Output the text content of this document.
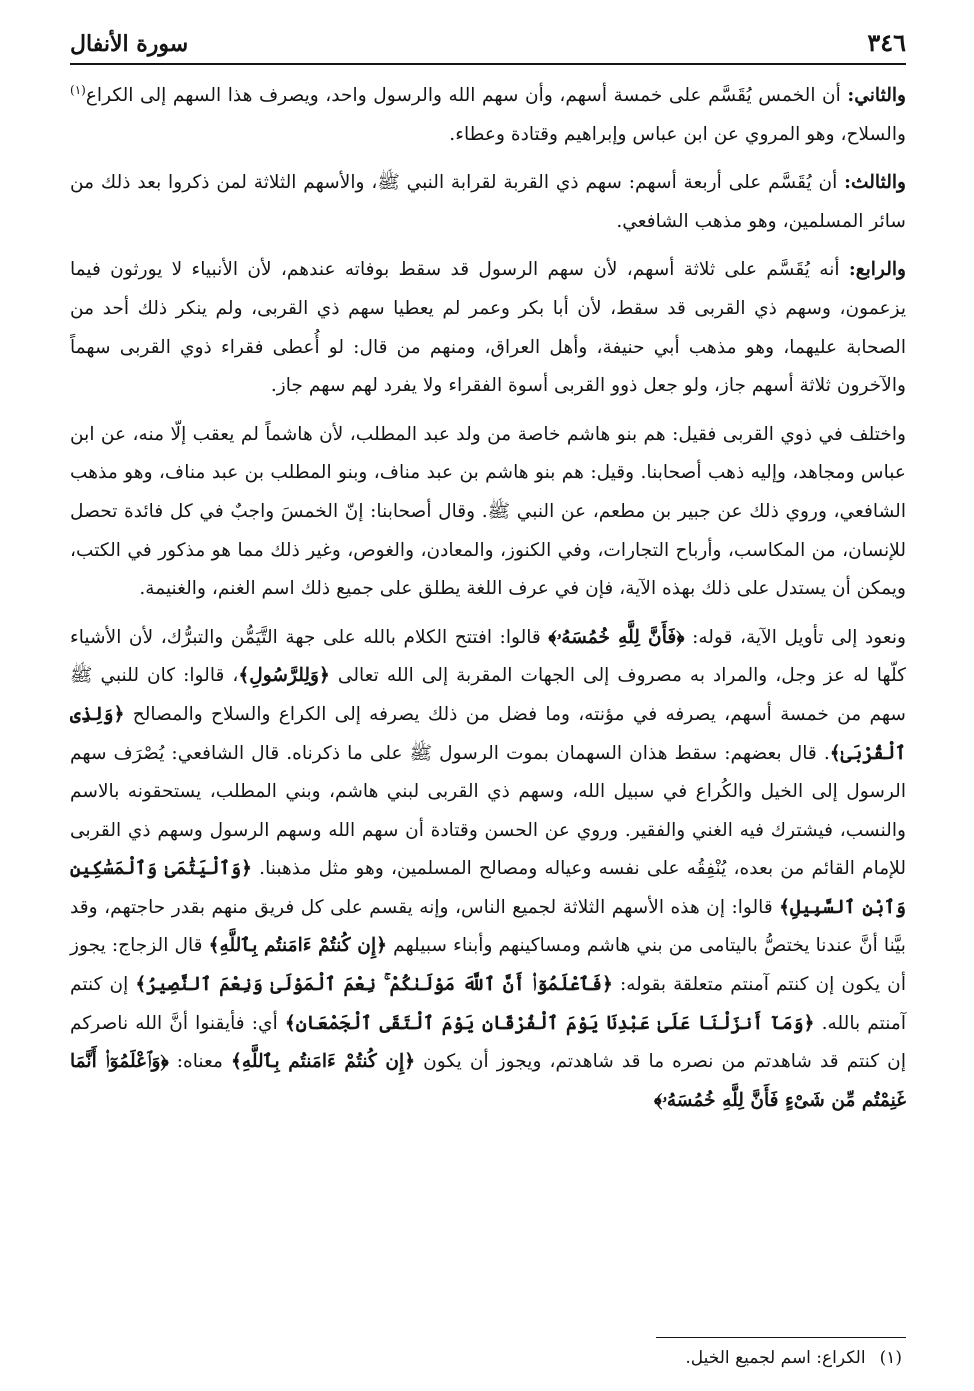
٣٤٦
سورة الأنفال

والثاني: أن الخمس يُقَسَّم على خمسة أسهم، وأن سهم الله والرسول واحد، ويصرف هذا السهم إلى الكراع$^{(١)}$ والسلاح، وهو المروي عن ابن عباس وإبراهيم وقتادة وعطاء.

والثالث: أن يُقَسَّم على أربعة أسهم: سهم ذي القربة لقرابة النبي ﷺ، والأسهم الثلاثة لمن ذكروا بعد ذلك من سائر المسلمين، وهو مذهب الشافعي.

والرابع: أنه يُقَسَّم على ثلاثة أسهم، لأن سهم الرسول قد سقط بوفاته عندهم، لأن الأنبياء لا يورثون فيما يزعمون، وسهم ذي القربى قد سقط، لأن أبا بكر وعمر لم يعطيا سهم ذي القربى، ولم ينكر ذلك أحد من الصحابة عليهما، وهو مذهب أبي حنيفة، وأهل العراق، ومنهم من قال: لو أُعطى فقراء ذوي القربى سهماً والآخرون ثلاثة أسهم جاز، ولو جعل ذوو القربى أسوة الفقراء ولا يفرد لهم سهم جاز.

واختلف في ذوي القربى فقيل: هم بنو هاشم خاصة من ولد عبد المطلب، لأن هاشماً لم يعقب إلّا منه، عن ابن عباس ومجاهد، وإليه ذهب أصحابنا. وقيل: هم بنو هاشم بن عبد مناف، وبنو المطلب بن عبد مناف، وهو مذهب الشافعي، وروي ذلك عن جبير بن مطعم، عن النبي ﷺ. وقال أصحابنا: إنّ الخمسَ واجبٌ في كل فائدة تحصل للإنسان، من المكاسب، وأرباح التجارات، وفي الكنوز، والمعادن، والغوص، وغير ذلك مما هو مذكور في الكتب، ويمكن أن يستدل على ذلك بهذه الآية، فإن في عرف اللغة يطلق على جميع ذلك اسم الغنم، والغنيمة.

ونعود إلى تأويل الآية، قوله: ﴿فَأَنَّ لِلَّهِ خُمُسَهُۥ﴾ قالوا: افتتح الكلام بالله على جهة التَّيَمُّن والتبرُّك، لأن الأشياء كلّها له عز وجل، والمراد به مصروف إلى الجهات المقربة إلى الله تعالى ﴿وَلِلرَّسُولِ﴾، قالوا: كان للنبي ﷺ سهم من خمسة أسهم، يصرفه في مؤنته، وما فضل من ذلك يصرفه إلى الكراع والسلاح والمصالح ﴿وَلِذِى ٱلْقُرْبَىٰ﴾. قال بعضهم: سقط هذان السهمان بموت الرسول ﷺ على ما ذكرناه. قال الشافعي: يُصْرَف سهم الرسول إلى الخيل والكُراع في سبيل الله، وسهم ذي القربى لبني هاشم، وبني المطلب، يستحقونه بالاسم والنسب، فيشترك فيه الغني والفقير. وروي عن الحسن وقتادة أن سهم الله وسهم الرسول وسهم ذي القربى للإمام القائم من بعده، يُنْفِقُه على نفسه وعياله ومصالح المسلمين، وهو مثل مذهبنا. ﴿وَٱلْيَتَٰمَىٰ وَٱلْمَسَٰكِينِ وَٱبْنِ ٱلسَّبِيلِ﴾ قالوا: إن هذه الأسهم الثلاثة لجميع الناس، وإنه يقسم على كل فريق منهم بقدر حاجتهم، وقد بيَّنا أنَّ عندنا يختصُّ باليتامى من بني هاشم ومساكينهم وأبناء سبيلهم ﴿إِن كُنتُمْ ءَامَنتُم بِٱللَّهِ﴾ قال الزجاج: يجوز أن يكون إن كنتم آمنتم متعلقة بقوله: ﴿فَٱعْلَمُوٓا۟ أَنَّ ٱللَّهَ مَوْلَىٰكُمْ ۚ نِعْمَ ٱلْمَوْلَىٰ وَنِعْمَ ٱلنَّصِيرُ﴾ إن كنتم آمنتم بالله. ﴿وَمَآ أَنزَلْنَا عَلَىٰ عَبْدِنَا يَوْمَ ٱلْفُرْقَانِ يَوْمَ ٱلْتَقَى ٱلْجَمْعَانِ﴾ أي: فأيقنوا أنَّ الله ناصركم إن كنتم قد شاهدتم من نصره ما قد شاهدتم، ويجوز أن يكون ﴿إِن كُنتُمْ ءَامَنتُم بِٱللَّهِ﴾ معناه: ﴿وَٱعْلَمُوٓا۟ أَنَّمَا غَنِمْتُم مِّن شَىْءٍ فَأَنَّ لِلَّهِ خُمُسَهُۥ﴾

(١)الكراع: اسم لجميع الخيل.
